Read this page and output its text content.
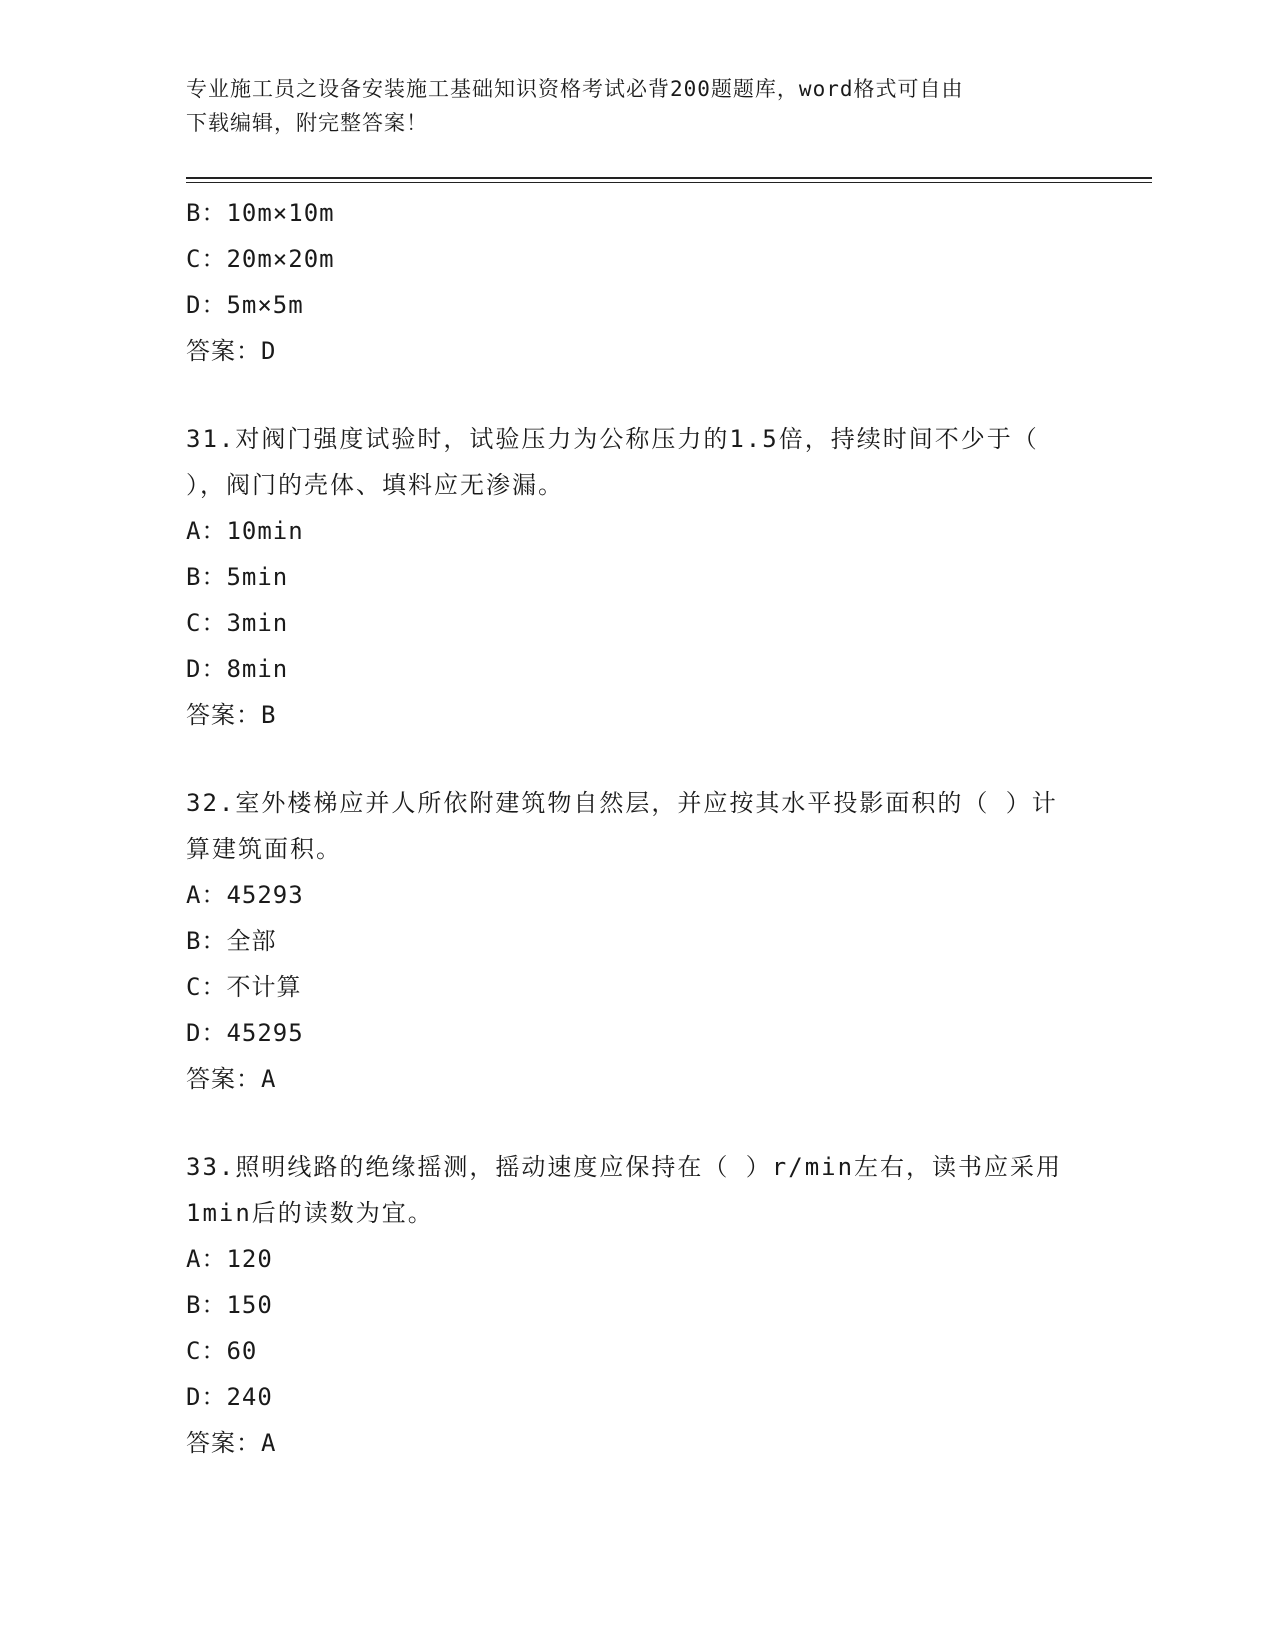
专业施工员之设备安装施工基础知识资格考试必背200题题库，word格式可自由
下载编辑，附完整答案！
B：10m×10m
C：20m×20m
D：5m×5m
答案：D
31.对阀门强度试验时，试验压力为公称压力的1.5倍，持续时间不少于（ ），阀门的壳体、填料应无渗漏。
A：10min
B：5min
C：3min
D：8min
答案：B
32.室外楼梯应并人所依附建筑物自然层，并应按其水平投影面积的（ ）计算建筑面积。
A：45293
B：全部
C：不计算
D：45295
答案：A
33.照明线路的绝缘摇测，摇动速度应保持在（ ）r/min左右，读书应采用1min后的读数为宜。
A：120
B：150
C：60
D：240
答案：A
